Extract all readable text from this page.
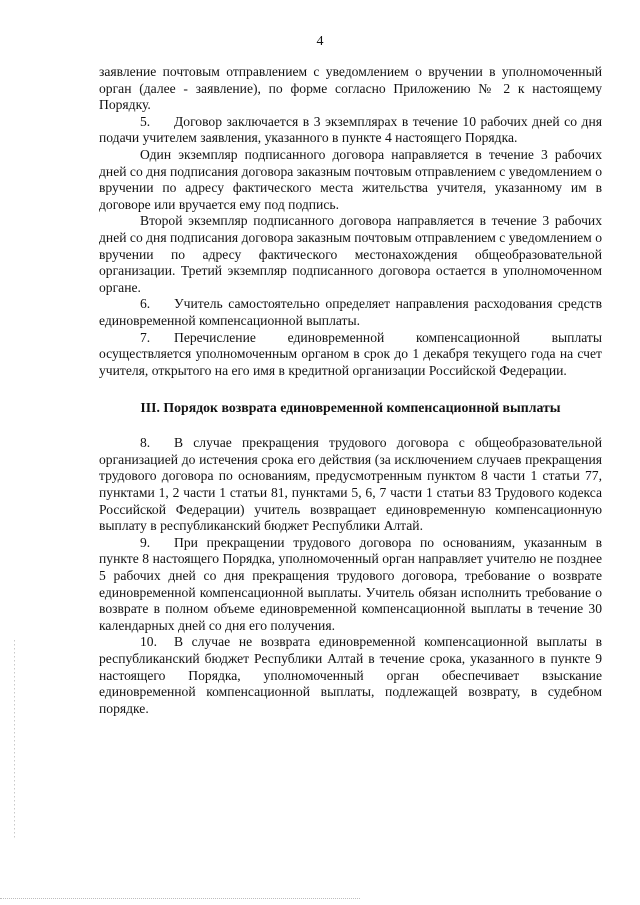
4

заявление почтовым отправлением с уведомлением о вручении в уполномоченный орган (далее - заявление), по форме согласно Приложению № 2 к настоящему Порядку.

5. Договор заключается в 3 экземплярах в течение 10 рабочих дней со дня подачи учителем заявления, указанного в пункте 4 настоящего Порядка.

Один экземпляр подписанного договора направляется в течение 3 рабочих дней со дня подписания договора заказным почтовым отправлением с уведомлением о вручении по адресу фактического места жительства учителя, указанному им в договоре или вручается ему под подпись.

Второй экземпляр подписанного договора направляется в течение 3 рабочих дней со дня подписания договора заказным почтовым отправлением с уведомлением о вручении по адресу фактического местонахождения общеобразовательной организации. Третий экземпляр подписанного договора остается в уполномоченном органе.

6. Учитель самостоятельно определяет направления расходования средств единовременной компенсационной выплаты.

7. Перечисление единовременной компенсационной выплаты осуществляется уполномоченным органом в срок до 1 декабря текущего года на счет учителя, открытого на его имя в кредитной организации Российской Федерации.

III. Порядок возврата единовременной компенсационной выплаты

8. В случае прекращения трудового договора с общеобразовательной организацией до истечения срока его действия (за исключением случаев прекращения трудового договора по основаниям, предусмотренным пунктом 8 части 1 статьи 77, пунктами 1, 2 части 1 статьи 81, пунктами 5, 6, 7 части 1 статьи 83 Трудового кодекса Российской Федерации) учитель возвращает единовременную компенсационную выплату в республиканский бюджет Республики Алтай.

9. При прекращении трудового договора по основаниям, указанным в пункте 8 настоящего Порядка, уполномоченный орган направляет учителю не позднее 5 рабочих дней со дня прекращения трудового договора, требование о возврате единовременной компенсационной выплаты. Учитель обязан исполнить требование о возврате в полном объеме единовременной компенсационной выплаты в течение 30 календарных дней со дня его получения.

10. В случае не возврата единовременной компенсационной выплаты в республиканский бюджет Республики Алтай в течение срока, указанного в пункте 9 настоящего Порядка, уполномоченный орган обеспечивает взыскание единовременной компенсационной выплаты, подлежащей возврату, в судебном порядке.
